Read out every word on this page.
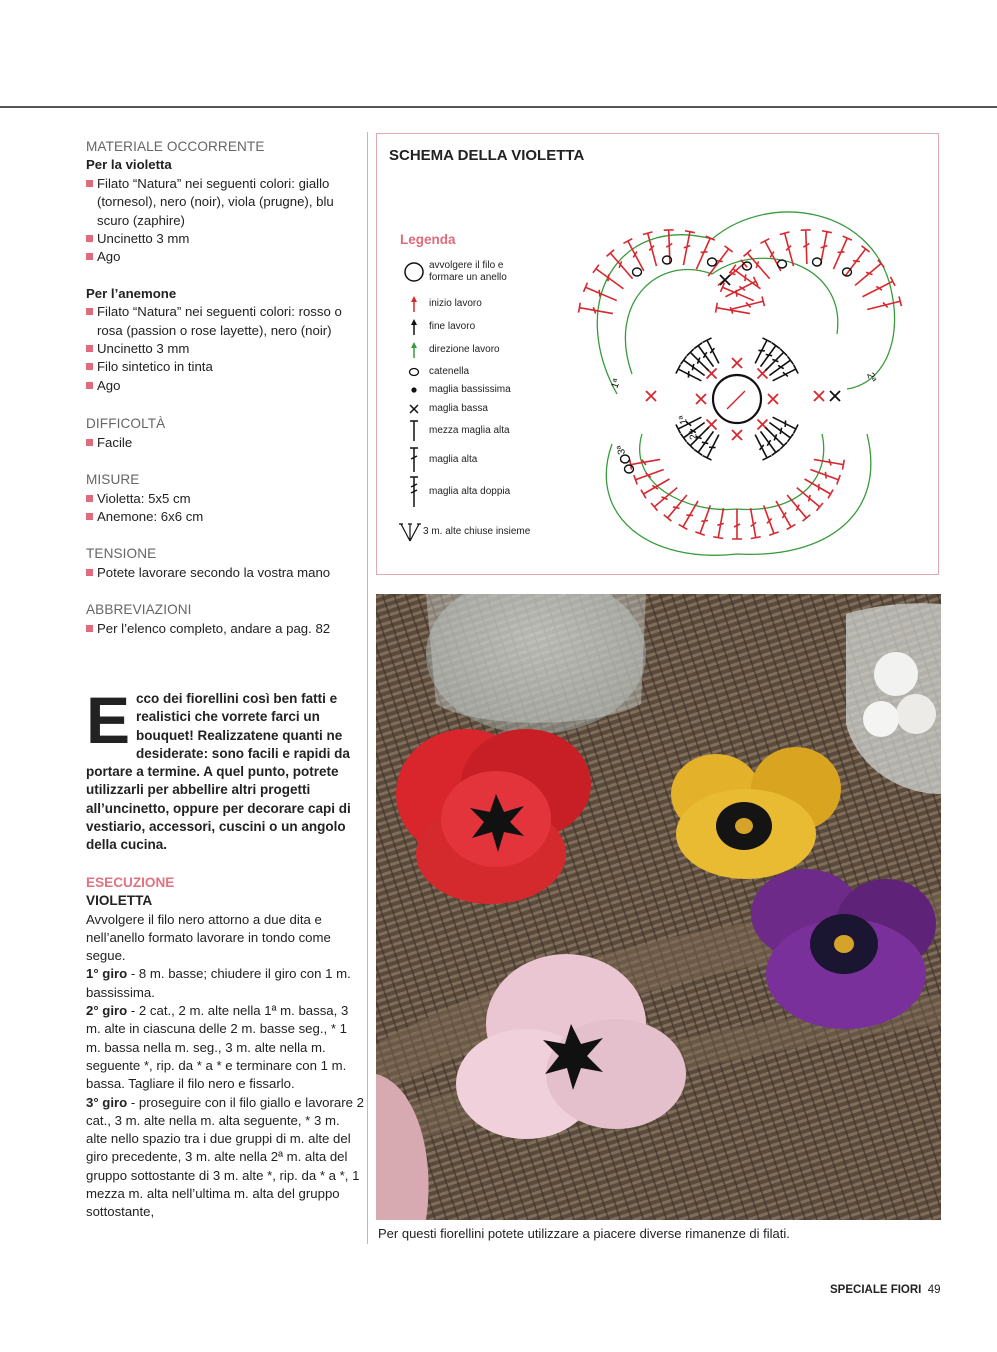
MATERIALE OCCORRENTE
Per la violetta
Filato “Natura” nei seguenti colori: giallo (tornesol), nero (noir), viola (prugne), blu scuro (zaphire)
Uncinetto 3 mm
Ago
Per l’anemone
Filato “Natura” nei seguenti colori: rosso o rosa (passion o rose layette), nero (noir)
Uncinetto 3 mm
Filo sintetico in tinta
Ago
DIFFICOLTÀ
Facile
MISURE
Violetta: 5x5 cm
Anemone: 6x6 cm
TENSIONE
Potete lavorare secondo la vostra mano
ABBREVIAZIONI
Per l’elenco completo, andare a pag. 82
E cco dei fiorellini così ben fatti e realistici che vorrete farci un bouquet! Realizzatene quanti ne desiderate: sono facili e rapidi da portare a termine. A quel punto, potrete utilizzarli per abbellire altri progetti all’uncinetto, oppure per decorare capi di vestiario, accessori, cuscini o un angolo della cucina.
ESECUZIONE
VIOLETTA
Avvolgere il filo nero attorno a due dita e nell’anello formato lavorare in tondo come segue.
1° giro - 8 m. basse; chiudere il giro con 1 m. bassissima.
2° giro - 2 cat., 2 m. alte nella 1ª m. bassa, 3 m. alte in ciascuna delle 2 m. basse seg., * 1 m. bassa nella m. seg., 3 m. alte nella m. seguente *, rip. da * a * e terminare con 1 m. bassa. Tagliare il filo nero e fissarlo.
3° giro - proseguire con il filo giallo e lavorare 2 cat., 3 m. alte nella m. alta seguente, * 3 m. alte nello spazio tra i due gruppi di m. alte del giro precedente, 3 m. alte nella 2ª m. alta del gruppo sottostante di 3 m. alte *, rip. da * a *, 1 mezza m. alta nell’ultima m. alta del gruppo sottostante,
SCHEMA DELLA VIOLETTA
Legenda
avvolgere il filo e formare un anello
inizio lavoro
fine lavoro
direzione lavoro
catenella
maglia bassissima
maglia bassa
mezza maglia alta
maglia alta
maglia alta doppia
3 m. alte chiuse insieme
1ª
2ª
3ª
1ª
2ª
Per questi fiorellini potete utilizzare a piacere diverse rimanenze di filati.
SPECIALE FIORI 49
